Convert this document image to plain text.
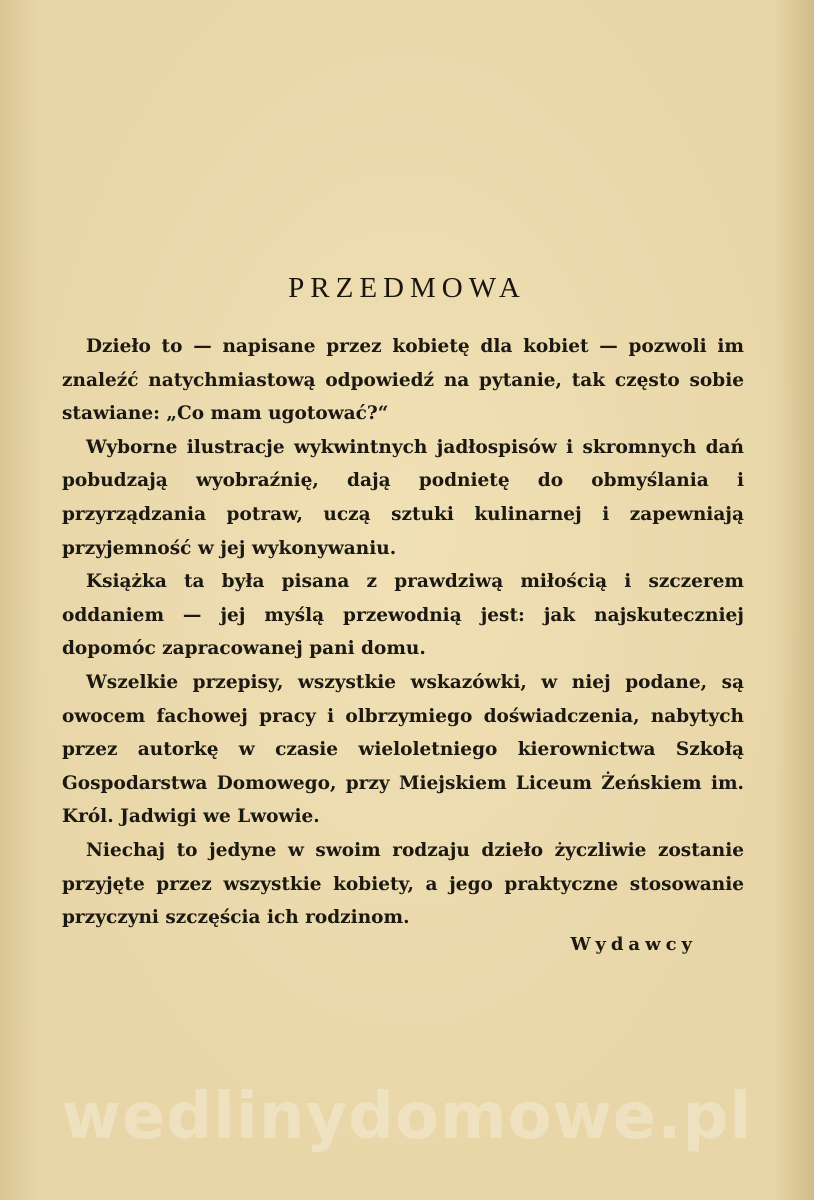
PRZEDMOWA

Dzieło to — napisane przez kobietę dla kobiet — pozwoli im znaleźć natychmiastową odpowiedź na pytanie, tak często sobie stawiane: „Co mam ugotować?“

Wyborne ilustracje wykwintnych jadłospisów i skromnych dań pobudzają wyobraźnię, dają podnietę do obmyślania i przyrządzania potraw, uczą sztuki kulinarnej i zapewniają przyjemność w jej wykonywaniu.

Książka ta była pisana z prawdziwą miłością i szczerem oddaniem — jej myślą przewodnią jest: jak najskuteczniej dopomóc zapracowanej pani domu.

Wszelkie przepisy, wszystkie wskazówki, w niej podane, są owocem fachowej pracy i olbrzymiego doświadczenia, nabytych przez autorkę w czasie wieloletniego kierownictwa Szkołą Gospodarstwa Domowego, przy Miejskiem Liceum Żeńskiem im. Król. Jadwigi we Lwowie.

Niechaj to jedyne w swoim rodzaju dzieło życzliwie zostanie przyjęte przez wszystkie kobiety, a jego praktyczne stosowanie przyczyni szczęścia ich rodzinom.

Wydawcy
wedlinydomowe.pl
